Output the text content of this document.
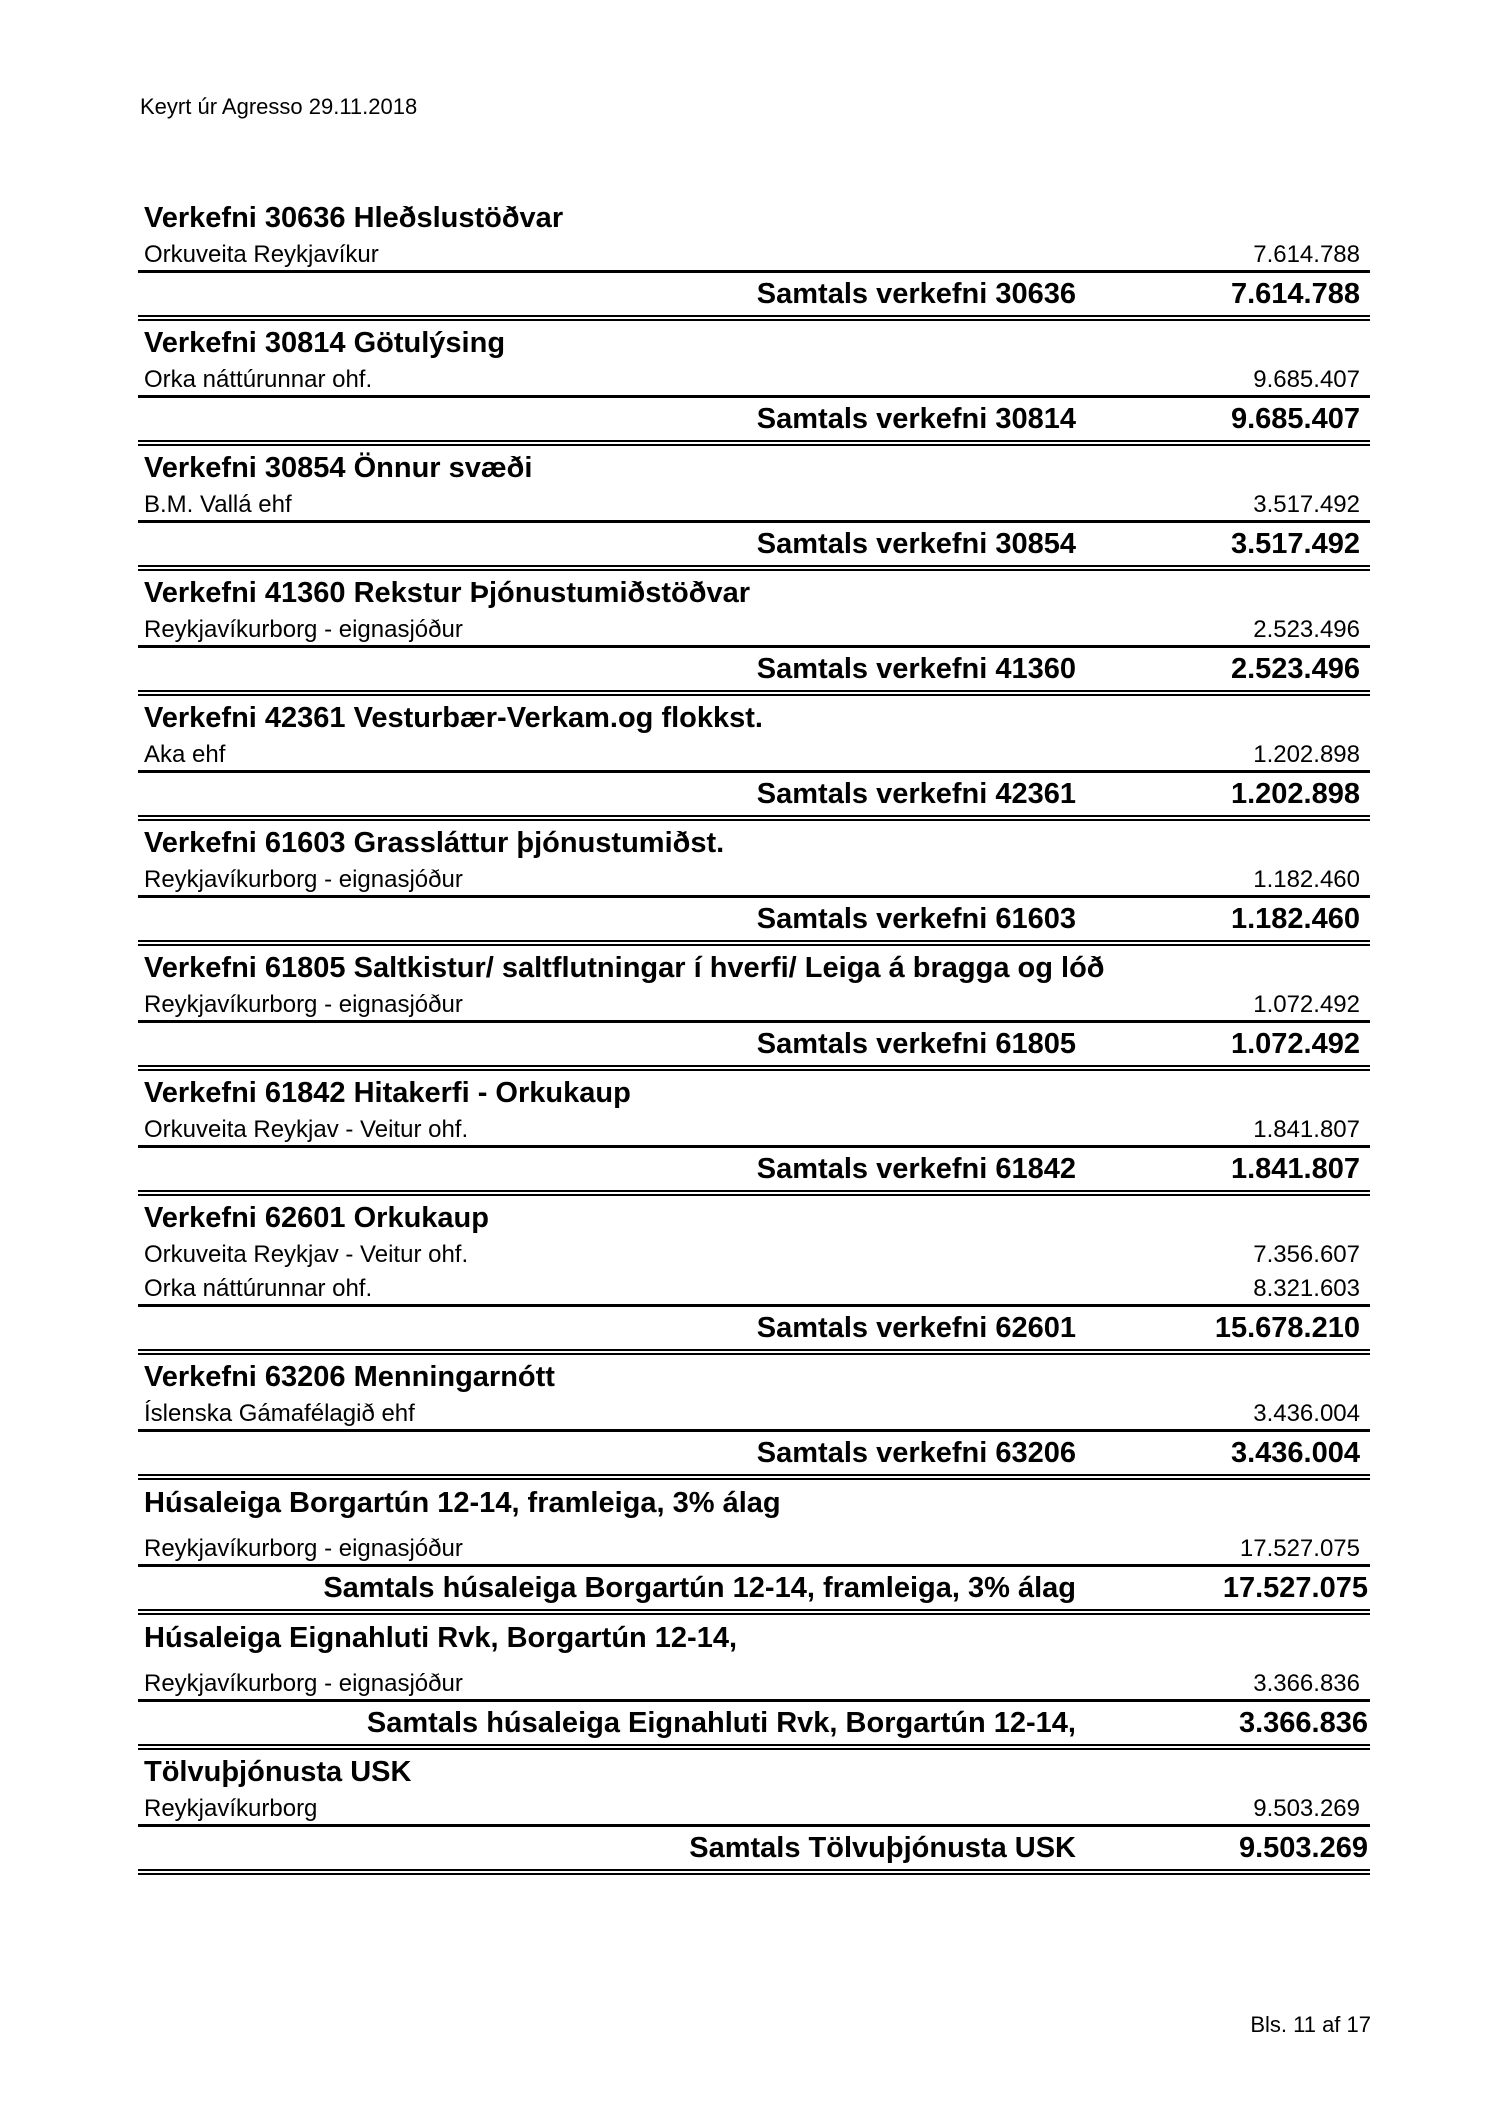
Keyrt úr Agresso 29.11.2018
Verkefni 30636 Hleðslustöðvar
Orkuveita Reykjavíkur	7.614.788
Samtals verkefni 30636	7.614.788
Verkefni 30814 Götulýsing
Orka náttúrunnar ohf.	9.685.407
Samtals verkefni 30814	9.685.407
Verkefni 30854 Önnur svæði
B.M. Vallá ehf	3.517.492
Samtals verkefni 30854	3.517.492
Verkefni 41360 Rekstur Þjónustumiðstöðvar
Reykjavíkurborg - eignasjóður	2.523.496
Samtals verkefni 41360	2.523.496
Verkefni 42361 Vesturbær-Verkam.og flokkst.
Aka ehf	1.202.898
Samtals verkefni 42361	1.202.898
Verkefni 61603 Grassláttur þjónustumiðst.
Reykjavíkurborg - eignasjóður	1.182.460
Samtals verkefni 61603	1.182.460
Verkefni 61805 Saltkistur/ saltflutningar í hverfi/ Leiga á bragga og lóð
Reykjavíkurborg - eignasjóður	1.072.492
Samtals verkefni 61805	1.072.492
Verkefni 61842 Hitakerfi - Orkukaup
Orkuveita Reykjav - Veitur ohf.	1.841.807
Samtals verkefni 61842	1.841.807
Verkefni 62601 Orkukaup
Orkuveita Reykjav - Veitur ohf.	7.356.607
Orka náttúrunnar ohf.	8.321.603
Samtals verkefni 62601	15.678.210
Verkefni 63206 Menningarnótt
Íslenska Gámafélagið ehf	3.436.004
Samtals verkefni 63206	3.436.004
Húsaleiga Borgartún 12-14, framleiga, 3% álag
Reykjavíkurborg - eignasjóður	17.527.075
Samtals húsaleiga Borgartún 12-14, framleiga, 3% álag	17.527.075
Húsaleiga Eignahluti Rvk, Borgartún 12-14,
Reykjavíkurborg - eignasjóður	3.366.836
Samtals húsaleiga Eignahluti Rvk, Borgartún 12-14,	3.366.836
Tölvuþjónusta USK
Reykjavíkurborg	9.503.269
Samtals Tölvuþjónusta USK	9.503.269
Bls. 11 af 17
